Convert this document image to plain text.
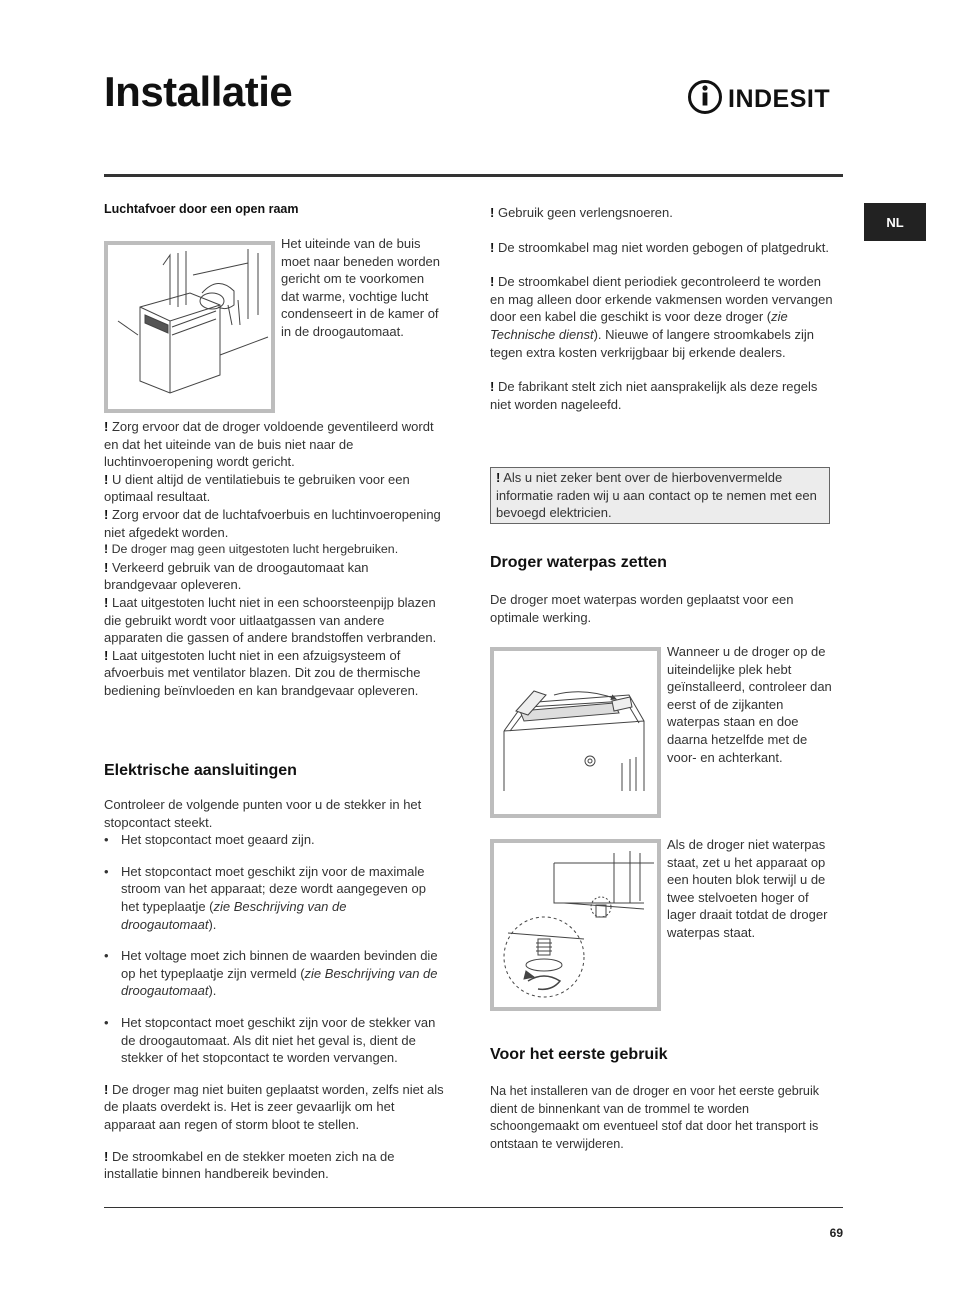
Installatie	INDESIT
NL
Luchtafvoer door een open raam
Het uiteinde van de buis moet naar beneden worden gericht om te voorkomen dat warme, vochtige lucht condenseert in de kamer of in de droogautomaat.

! Zorg ervoor dat de droger voldoende geventileerd wordt en dat het uiteinde van de buis niet naar de luchtinvoeropening wordt gericht.

! U dient altijd de ventilatiebuis te gebruiken voor een optimaal resultaat.

! Zorg ervoor dat de luchtafvoerbuis en luchtinvoeropening niet afgedekt worden.

! De droger mag geen uitgestoten lucht hergebruiken.

! Verkeerd gebruik van de droogautomaat kan brandgevaar opleveren.

! Laat uitgestoten lucht niet in een schoorsteenpijp blazen die gebruikt wordt voor uitlaatgassen van andere apparaten die gassen of andere brandstoffen verbranden.

! Laat uitgestoten lucht niet in een afzuigsysteem of afvoerbuis met ventilator blazen. Dit zou de thermische bediening beïnvloeden en kan brandgevaar opleveren.

Elektrische aansluitingen

Controleer de volgende punten voor u de stekker in het stopcontact steekt.

• Het stopcontact moet geaard zijn.
• Het stopcontact moet geschikt zijn voor de maximale stroom van het apparaat; deze wordt aangegeven op het typeplaatje (zie Beschrijving van de droogautomaat).
• Het voltage moet zich binnen de waarden bevinden die op het typeplaatje zijn vermeld (zie Beschrijving van de droogautomaat).
• Het stopcontact moet geschikt zijn voor de stekker van de droogautomaat. Als dit niet het geval is, dient de stekker of het stopcontact te worden vervangen.

! De droger mag niet buiten geplaatst worden, zelfs niet als de plaats overdekt is. Het is zeer gevaarlijk om het apparaat aan regen of storm bloot te stellen.

! De stroomkabel en de stekker moeten zich na de installatie binnen handbereik bevinden.

! Gebruik geen verlengsnoeren.

! De stroomkabel mag niet worden gebogen of platgedrukt.

! De stroomkabel dient periodiek gecontroleerd te worden en mag alleen door erkende vakmensen worden vervangen door een kabel die geschikt is voor deze droger (zie Technische dienst). Nieuwe of langere stroomkabels zijn tegen extra kosten verkrijgbaar bij erkende dealers.

! De fabrikant stelt zich niet aansprakelijk als deze regels niet worden nageleefd.

! Als u niet zeker bent over de hierbovenvermelde informatie raden wij u aan contact op te nemen met een bevoegd elektricien.

Droger waterpas zetten

De droger moet waterpas worden geplaatst voor een optimale werking.

Wanneer u de droger op de uiteindelijke plek hebt geïnstalleerd, controleer dan eerst of de zijkanten waterpas staan en doe daarna hetzelfde met de voor- en achterkant.
Als de droger niet waterpas staat, zet u het apparaat op een houten blok terwijl u de twee stelvoeten hoger of lager draait totdat de droger waterpas staat.
Voor het eerste gebruik

Na het installeren van de droger en voor het eerste gebruik dient de binnenkant van de trommel te worden schoongemaakt om eventueel stof dat door het transport is ontstaan te verwijderen.

69
